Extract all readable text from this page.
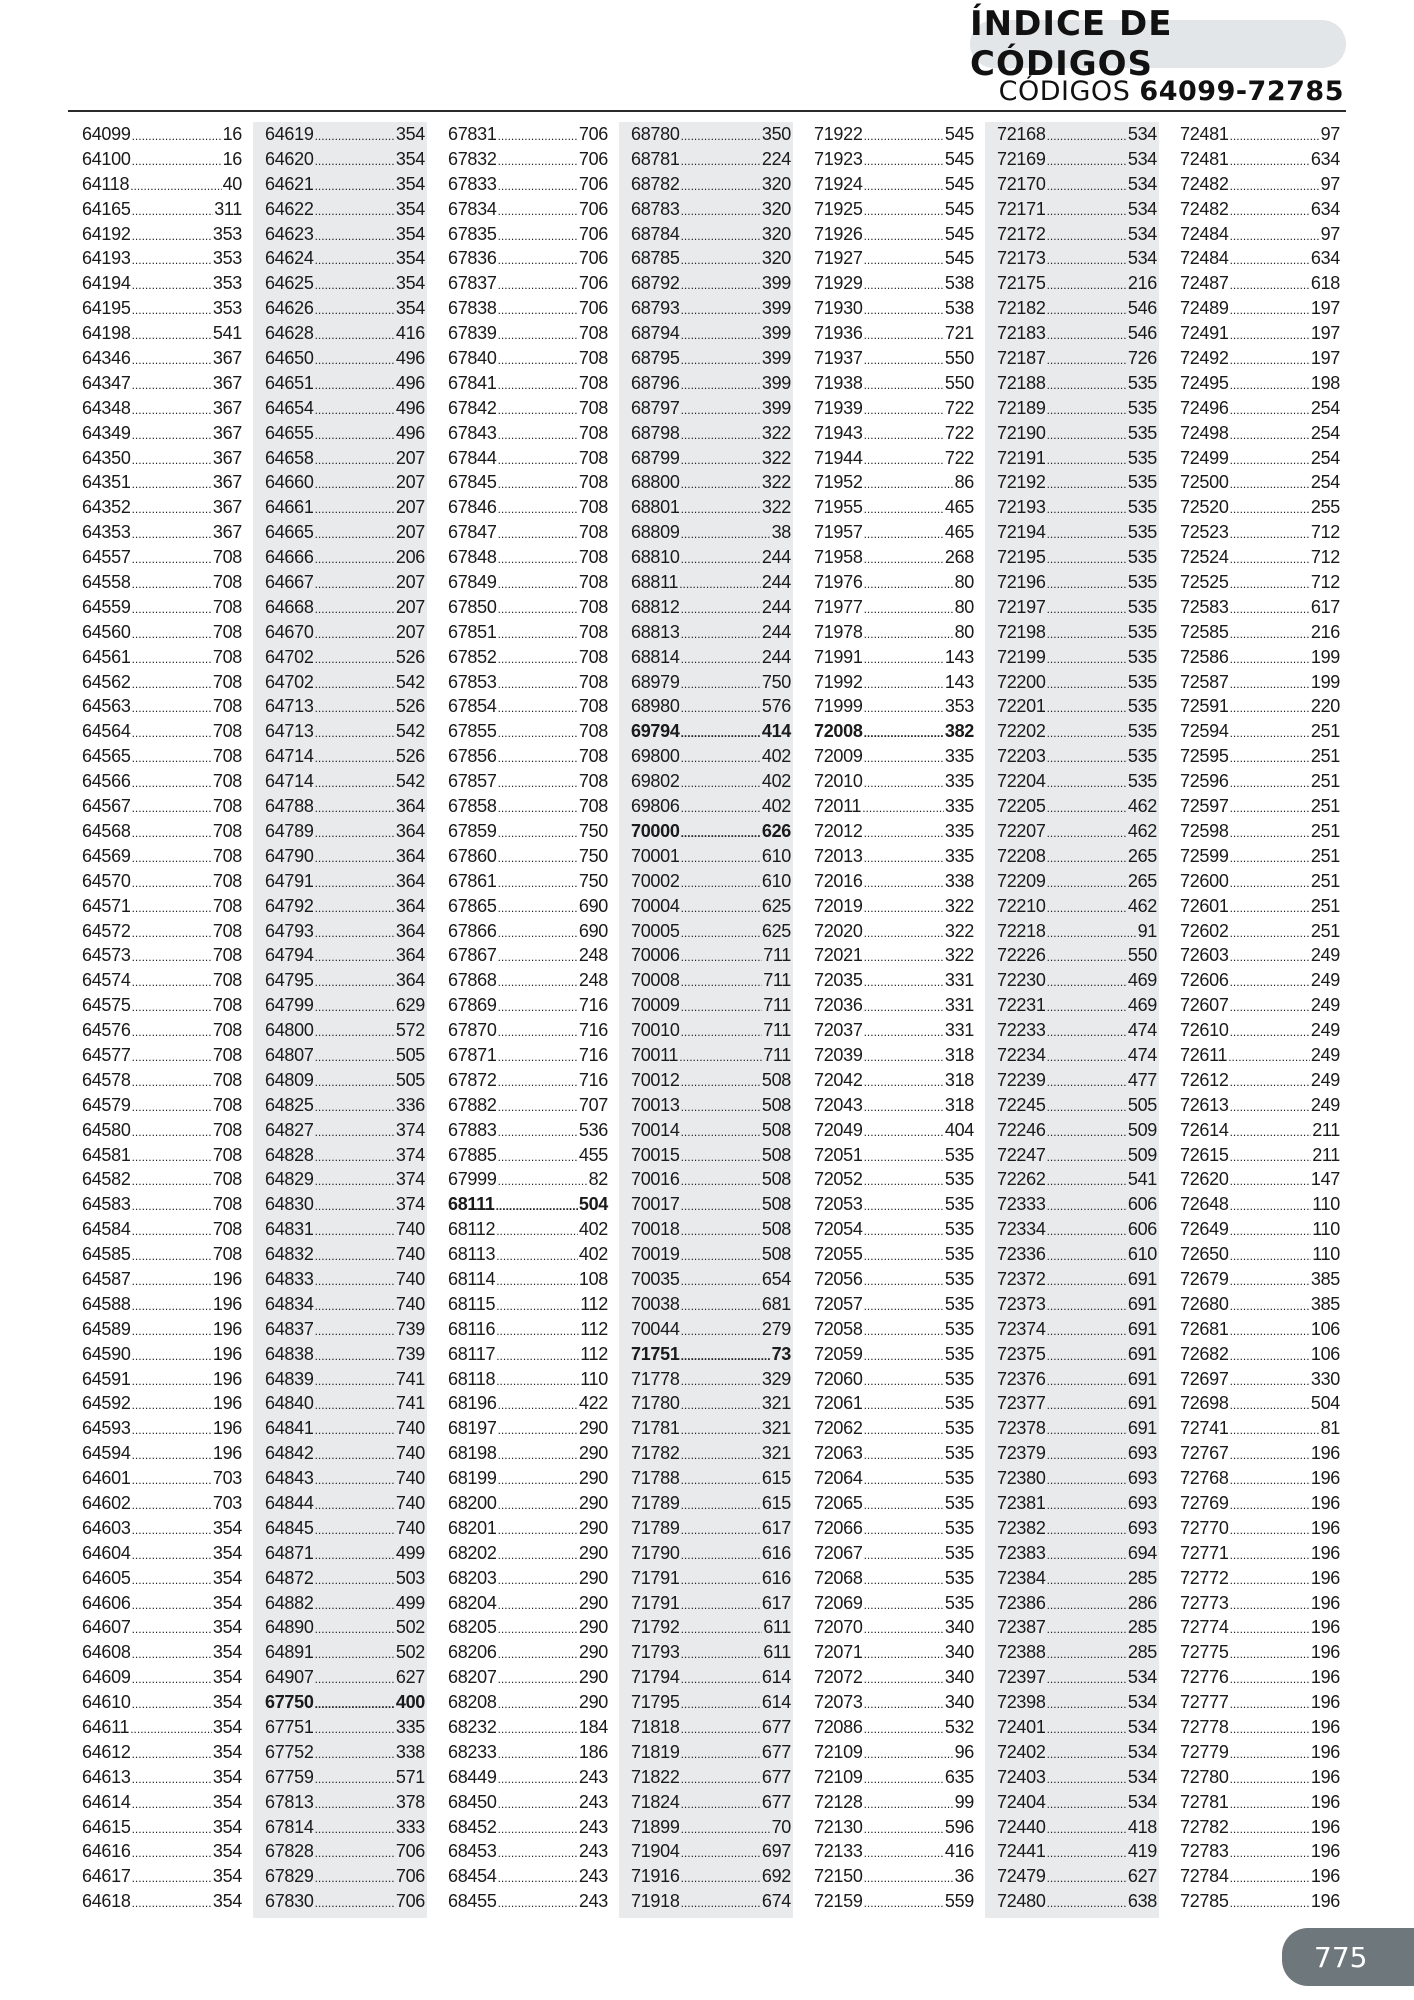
ÍNDICE DE CÓDIGOS
CÓDIGOS 64099-72785
64099 .....	16
64100 .....	16
64118 .....	40
64165 .....	311
64192 .....	353
64193 .....	353
64194 .....	353
64195 .....	353
64198 .....	541
64346 .....	367
64347 .....	367
64348 .....	367
64349 .....	367
64350 .....	367
64351 .....	367
64352 .....	367
64353 .....	367
64557 .....	708
64558 .....	708
64559 .....	708
64560 .....	708
64561 .....	708
64562 .....	708
64563 .....	708
64564 .....	708
64565 .....	708
64566 .....	708
64567 .....	708
64568 .....	708
64569 .....	708
64570 .....	708
64571 .....	708
64572 .....	708
64573 .....	708
64574 .....	708
64575 .....	708
64576 .....	708
64577 .....	708
64578 .....	708
64579 .....	708
64580 .....	708
64581 .....	708
64582 .....	708
64583 .....	708
64584 .....	708
64585 .....	708
64587 .....	196
64588 .....	196
64589 .....	196
64590 .....	196
64591 .....	196
64592 .....	196
64593 .....	196
64594 .....	196
64601 .....	703
64602 .....	703
64603 .....	354
64604 .....	354
64605 .....	354
64606 .....	354
64607 .....	354
64608 .....	354
64609 .....	354
64610 .....	354
64611 .....	354
64612 .....	354
64613 .....	354
64614 .....	354
64615 .....	354
64616 .....	354
64617 .....	354
64618 .....	354
64619 .....	354
64620 .....	354
64621 .....	354
64622 .....	354
64623 .....	354
64624 .....	354
64625 .....	354
64626 .....	354
64628 .....	416
64650 .....	496
64651 .....	496
64654 .....	496
64655 .....	496
64658 .....	207
64660 .....	207
64661 .....	207
64665 .....	207
64666 .....	206
64667 .....	207
64668 .....	207
64670 .....	207
64702 .....	526
64702 .....	542
64713 .....	526
64713 .....	542
64714 .....	526
64714 .....	542
64788 .....	364
64789 .....	364
64790 .....	364
64791 .....	364
64792 .....	364
64793 .....	364
64794 .....	364
64795 .....	364
64799 .....	629
64800 .....	572
64807 .....	505
64809 .....	505
64825 .....	336
64827 .....	374
64828 .....	374
64829 .....	374
64830 .....	374
64831 .....	740
64832 .....	740
64833 .....	740
64834 .....	740
64837 .....	739
64838 .....	739
64839 .....	741
64840 .....	741
64841 .....	740
64842 .....	740
64843 .....	740
64844 .....	740
64845 .....	740
64871 .....	499
64872 .....	503
64882 .....	499
64890 .....	502
64891 .....	502
64907 .....	627
67750 .....	400
67751 .....	335
67752 .....	338
67759 .....	571
67813 .....	378
67814 .....	333
67828 .....	706
67829 .....	706
67830 .....	706
67831 .....	706
67832 .....	706
67833 .....	706
67834 .....	706
67835 .....	706
67836 .....	706
67837 .....	706
67838 .....	706
67839 .....	708
67840 .....	708
67841 .....	708
67842 .....	708
67843 .....	708
67844 .....	708
67845 .....	708
67846 .....	708
67847 .....	708
67848 .....	708
67849 .....	708
67850 .....	708
67851 .....	708
67852 .....	708
67853 .....	708
67854 .....	708
67855 .....	708
67856 .....	708
67857 .....	708
67858 .....	708
67859 .....	750
67860 .....	750
67861 .....	750
67865 .....	690
67866 .....	690
67867 .....	248
67868 .....	248
67869 .....	716
67870 .....	716
67871 .....	716
67872 .....	716
67882 .....	707
67883 .....	536
67885 .....	455
67999 .....	82
68111 .....	504
68112 .....	402
68113 .....	402
68114 .....	108
68115 .....	112
68116 .....	112
68117 .....	112
68118 .....	110
68196 .....	422
68197 .....	290
68198 .....	290
68199 .....	290
68200 .....	290
68201 .....	290
68202 .....	290
68203 .....	290
68204 .....	290
68205 .....	290
68206 .....	290
68207 .....	290
68208 .....	290
68232 .....	184
68233 .....	186
68449 .....	243
68450 .....	243
68452 .....	243
68453 .....	243
68454 .....	243
68455 .....	243
68780 .....	350
68781 .....	224
68782 .....	320
68783 .....	320
68784 .....	320
68785 .....	320
68792 .....	399
68793 .....	399
68794 .....	399
68795 .....	399
68796 .....	399
68797 .....	399
68798 .....	322
68799 .....	322
68800 .....	322
68801 .....	322
68809 .....	38
68810 .....	244
68811 .....	244
68812 .....	244
68813 .....	244
68814 .....	244
68979 .....	750
68980 .....	576
69794 .....	414
69800 .....	402
69802 .....	402
69806 .....	402
70000 .....	626
70001 .....	610
70002 .....	610
70004 .....	625
70005 .....	625
70006 .....	711
70008 .....	711
70009 .....	711
70010 .....	711
70011 .....	711
70012 .....	508
70013 .....	508
70014 .....	508
70015 .....	508
70016 .....	508
70017 .....	508
70018 .....	508
70019 .....	508
70035 .....	654
70038 .....	681
70044 .....	279
71751 .....	73
71778 .....	329
71780 .....	321
71781 .....	321
71782 .....	321
71788 .....	615
71789 .....	615
71789 .....	617
71790 .....	616
71791 .....	616
71791 .....	617
71792 .....	611
71793 .....	611
71794 .....	614
71795 .....	614
71818 .....	677
71819 .....	677
71822 .....	677
71824 .....	677
71899 .....	70
71904 .....	697
71916 .....	692
71918 .....	674
71922 .....	545
71923 .....	545
71924 .....	545
71925 .....	545
71926 .....	545
71927 .....	545
71929 .....	538
71930 .....	538
71936 .....	721
71937 .....	550
71938 .....	550
71939 .....	722
71943 .....	722
71944 .....	722
71952 .....	86
71955 .....	465
71957 .....	465
71958 .....	268
71976 .....	80
71977 .....	80
71978 .....	80
71991 .....	143
71992 .....	143
71999 .....	353
72008 .....	382
72009 .....	335
72010 .....	335
72011 .....	335
72012 .....	335
72013 .....	335
72016 .....	338
72019 .....	322
72020 .....	322
72021 .....	322
72035 .....	331
72036 .....	331
72037 .....	331
72039 .....	318
72042 .....	318
72043 .....	318
72049 .....	404
72051 .....	535
72052 .....	535
72053 .....	535
72054 .....	535
72055 .....	535
72056 .....	535
72057 .....	535
72058 .....	535
72059 .....	535
72060 .....	535
72061 .....	535
72062 .....	535
72063 .....	535
72064 .....	535
72065 .....	535
72066 .....	535
72067 .....	535
72068 .....	535
72069 .....	535
72070 .....	340
72071 .....	340
72072 .....	340
72073 .....	340
72086 .....	532
72109 .....	96
72109 .....	635
72128 .....	99
72130 .....	596
72133 .....	416
72150 .....	36
72159 .....	559
72168 .....	534
72169 .....	534
72170 .....	534
72171 .....	534
72172 .....	534
72173 .....	534
72175 .....	216
72182 .....	546
72183 .....	546
72187 .....	726
72188 .....	535
72189 .....	535
72190 .....	535
72191 .....	535
72192 .....	535
72193 .....	535
72194 .....	535
72195 .....	535
72196 .....	535
72197 .....	535
72198 .....	535
72199 .....	535
72200 .....	535
72201 .....	535
72202 .....	535
72203 .....	535
72204 .....	535
72205 .....	462
72207 .....	462
72208 .....	265
72209 .....	265
72210 .....	462
72218 .....	91
72226 .....	550
72230 .....	469
72231 .....	469
72233 .....	474
72234 .....	474
72239 .....	477
72245 .....	505
72246 .....	509
72247 .....	509
72262 .....	541
72333 .....	606
72334 .....	606
72336 .....	610
72372 .....	691
72373 .....	691
72374 .....	691
72375 .....	691
72376 .....	691
72377 .....	691
72378 .....	691
72379 .....	693
72380 .....	693
72381 .....	693
72382 .....	693
72383 .....	694
72384 .....	285
72386 .....	286
72387 .....	285
72388 .....	285
72397 .....	534
72398 .....	534
72401 .....	534
72402 .....	534
72403 .....	534
72404 .....	534
72440 .....	418
72441 .....	419
72479 .....	627
72480 .....	638
72481 .....	97
72481 .....	634
72482 .....	97
72482 .....	634
72484 .....	97
72484 .....	634
72487 .....	618
72489 .....	197
72491 .....	197
72492 .....	197
72495 .....	198
72496 .....	254
72498 .....	254
72499 .....	254
72500 .....	254
72520 .....	255
72523 .....	712
72524 .....	712
72525 .....	712
72583 .....	617
72585 .....	216
72586 .....	199
72587 .....	199
72591 .....	220
72594 .....	251
72595 .....	251
72596 .....	251
72597 .....	251
72598 .....	251
72599 .....	251
72600 .....	251
72601 .....	251
72602 .....	251
72603 .....	249
72606 .....	249
72607 .....	249
72610 .....	249
72611 .....	249
72612 .....	249
72613 .....	249
72614 .....	211
72615 .....	211
72620 .....	147
72648 .....	110
72649 .....	110
72650 .....	110
72679 .....	385
72680 .....	385
72681 .....	106
72682 .....	106
72697 .....	330
72698 .....	504
72741 .....	81
72767 .....	196
72768 .....	196
72769 .....	196
72770 .....	196
72771 .....	196
72772 .....	196
72773 .....	196
72774 .....	196
72775 .....	196
72776 .....	196
72777 .....	196
72778 .....	196
72779 .....	196
72780 .....	196
72781 .....	196
72782 .....	196
72783 .....	196
72784 .....	196
72785 .....	196
775
